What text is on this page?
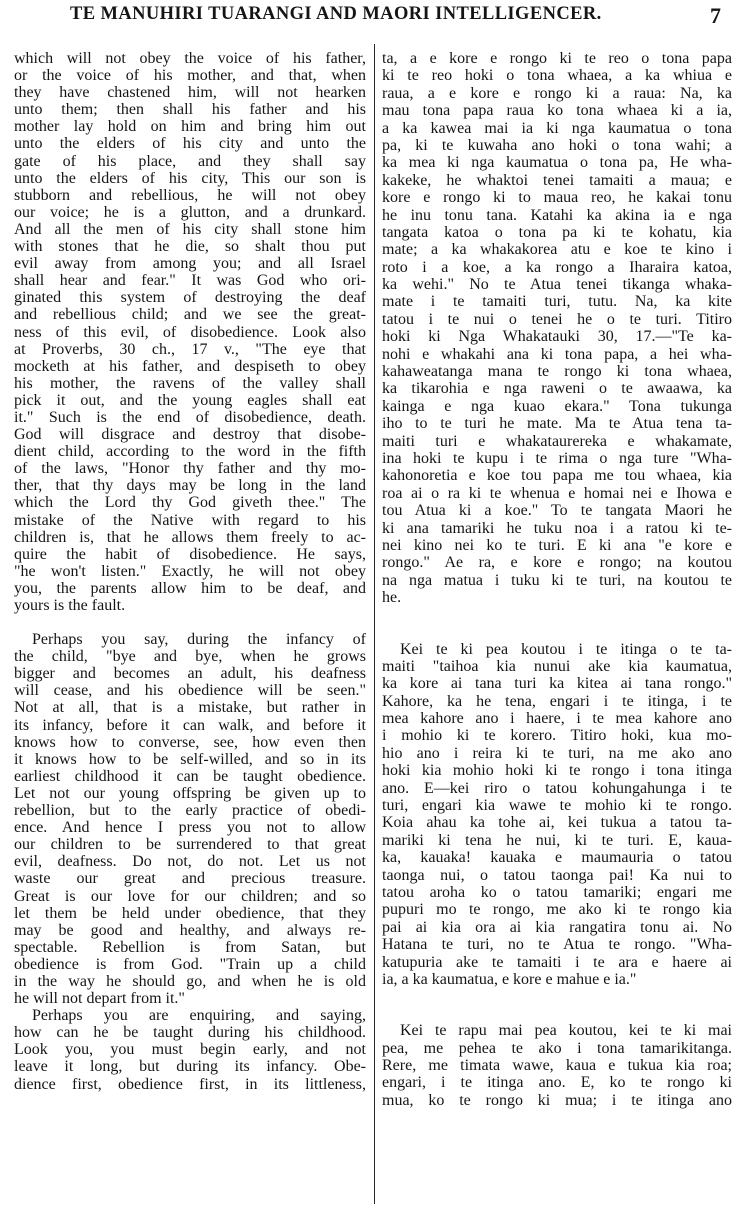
TE MANUHIRI TUARANGI AND MAORI INTELLIGENCER.	7
which will not obey the voice of his father,
or the voice of his mother, and that, when
they have chastened him, will not hearken
unto them; then shall his father and his
mother lay hold on him and bring him out
unto the elders of his city and unto the
gate of his place, and they shall say
unto the elders of his city, This our son is
stubborn and rebellious, he will not obey
our voice; he is a glutton, and a drunkard.
And all the men of his city shall stone him
with stones that he die, so shalt thou put
evil away from among you; and all Israel
shall hear and fear." It was God who ori-
ginated this system of destroying the deaf
and rebellious child; and we see the great-
ness of this evil, of disobedience. Look also
at Proverbs, 30 ch., 17 v., "The eye that
mocketh at his father, and despiseth to obey
his mother, the ravens of the valley shall
pick it out, and the young eagles shall eat
it." Such is the end of disobedience, death.
God will disgrace and destroy that disobe-
dient child, according to the word in the fifth
of the laws, "Honor thy father and thy mo-
ther, that thy days may be long in the land
which the Lord thy God giveth thee." The
mistake of the Native with regard to his
children is, that he allows them freely to ac-
quire the habit of disobedience. He says,
"he won't listen." Exactly, he will not obey
you, the parents allow him to be deaf, and
yours is the fault.
Perhaps you say, during the infancy of
the child, "bye and bye, when he grows
bigger and becomes an adult, his deafness
will cease, and his obedience will be seen."
Not at all, that is a mistake, but rather in
its infancy, before it can walk, and before it
knows how to converse, see, how even then
it knows how to be self-willed, and so in its
earliest childhood it can be taught obedience.
Let not our young offspring be given up to
rebellion, but to the early practice of obedi-
ence. And hence I press you not to allow
our children to be surrendered to that great
evil, deafness. Do not, do not. Let us not
waste our great and precious treasure.
Great is our love for our children; and so
let them be held under obedience, that they
may be good and healthy, and always re-
spectable. Rebellion is from Satan, but
obedience is from God. "Train up a child
in the way he should go, and when he is old
he will not depart from it."
Perhaps you are enquiring, and saying,
how can he be taught during his childhood.
Look you, you must begin early, and not
leave it long, but during its infancy. Obe-
dience first, obedience first, in its littleness,
ta, a e kore e rongo ki te reo o tona papa
ki te reo hoki o tona whaea, a ka whiua e
raua, a e kore e rongo ki a raua: Na, ka
mau tona papa raua ko tona whaea ki a ia,
a ka kawea mai ia ki nga kaumatua o tona
pa, ki te kuwaha ano hoki o tona wahi; a
ka mea ki nga kaumatua o tona pa, He wha-
kakeke, he whaktoi tenei tamaiti a maua; e
kore e rongo ki to maua reo, he kakai tonu
he inu tonu tana. Katahi ka akina ia e nga
tangata katoa o tona pa ki te kohatu, kia
mate; a ka whakakorea atu e koe te kino i
roto i a koe, a ka rongo a Iharaira katoa,
ka wehi." No te Atua tenei tikanga whaka-
mate i te tamaiti turi, tutu. Na, ka kite
tatou i te nui o tenei he o te turi. Titiro
hoki ki Nga Whakatauki 30, 17.—"Te ka-
nohi e whakahi ana ki tona papa, a hei wha-
kahaweatanga mana te rongo ki tona whaea,
ka tikarohia e nga raweni o te awaawa, ka
kainga e nga kuao ekara." Tona tukunga
iho to te turi he mate. Ma te Atua tena ta-
maiti turi e whakataurereka e whakamate,
ina hoki te kupu i te rima o nga ture "Wha-
kahonoretia e koe tou papa me tou whaea, kia
roa ai o ra ki te whenua e homai nei e Ihowa e
tou Atua ki a koe." To te tangata Maori he
ki ana tamariki he tuku noa i a ratou ki te-
nei kino nei ko te turi. E ki ana "e kore e
rongo." Ae ra, e kore e rongo; na koutou
na nga matua i tuku ki te turi, na koutou te
he.
Kei te ki pea koutou i te itinga o te ta-
maiti "taihoa kia nunui ake kia kaumatua,
ka kore ai tana turi ka kitea ai tana rongo."
Kahore, ka he tena, engari i te itinga, i te
mea kahore ano i haere, i te mea kahore ano
i mohio ki te korero. Titiro hoki, kua mo-
hio ano i reira ki te turi, na me ako ano
hoki kia mohio hoki ki te rongo i tona itinga
ano. E—kei riro o tatou kohungahunga i te
turi, engari kia wawe te mohio ki te rongo.
Koia ahau ka tohe ai, kei tukua a tatou ta-
mariki ki tena he nui, ki te turi. E, kaua-
ka, kauaka! kauaka e maumauria o tatou
taonga nui, o tatou taonga pai! Ka nui to
tatou aroha ko o tatou tamariki; engari me
pupuri mo te rongo, me ako ki te rongo kia
pai ai kia ora ai kia rangatira tonu ai. No
Hatana te turi, no te Atua te rongo. "Wha-
katupuria ake te tamaiti i te ara e haere ai
ia, a ka kaumatua, e kore e mahue e ia."
Kei te rapu mai pea koutou, kei te ki mai
pea, me pehea te ako i tona tamarikitanga.
Rere, me timata wawe, kaua e tukua kia roa;
engari, i te itinga ano. E, ko te rongo ki
mua, ko te rongo ki mua; i te itinga ano
